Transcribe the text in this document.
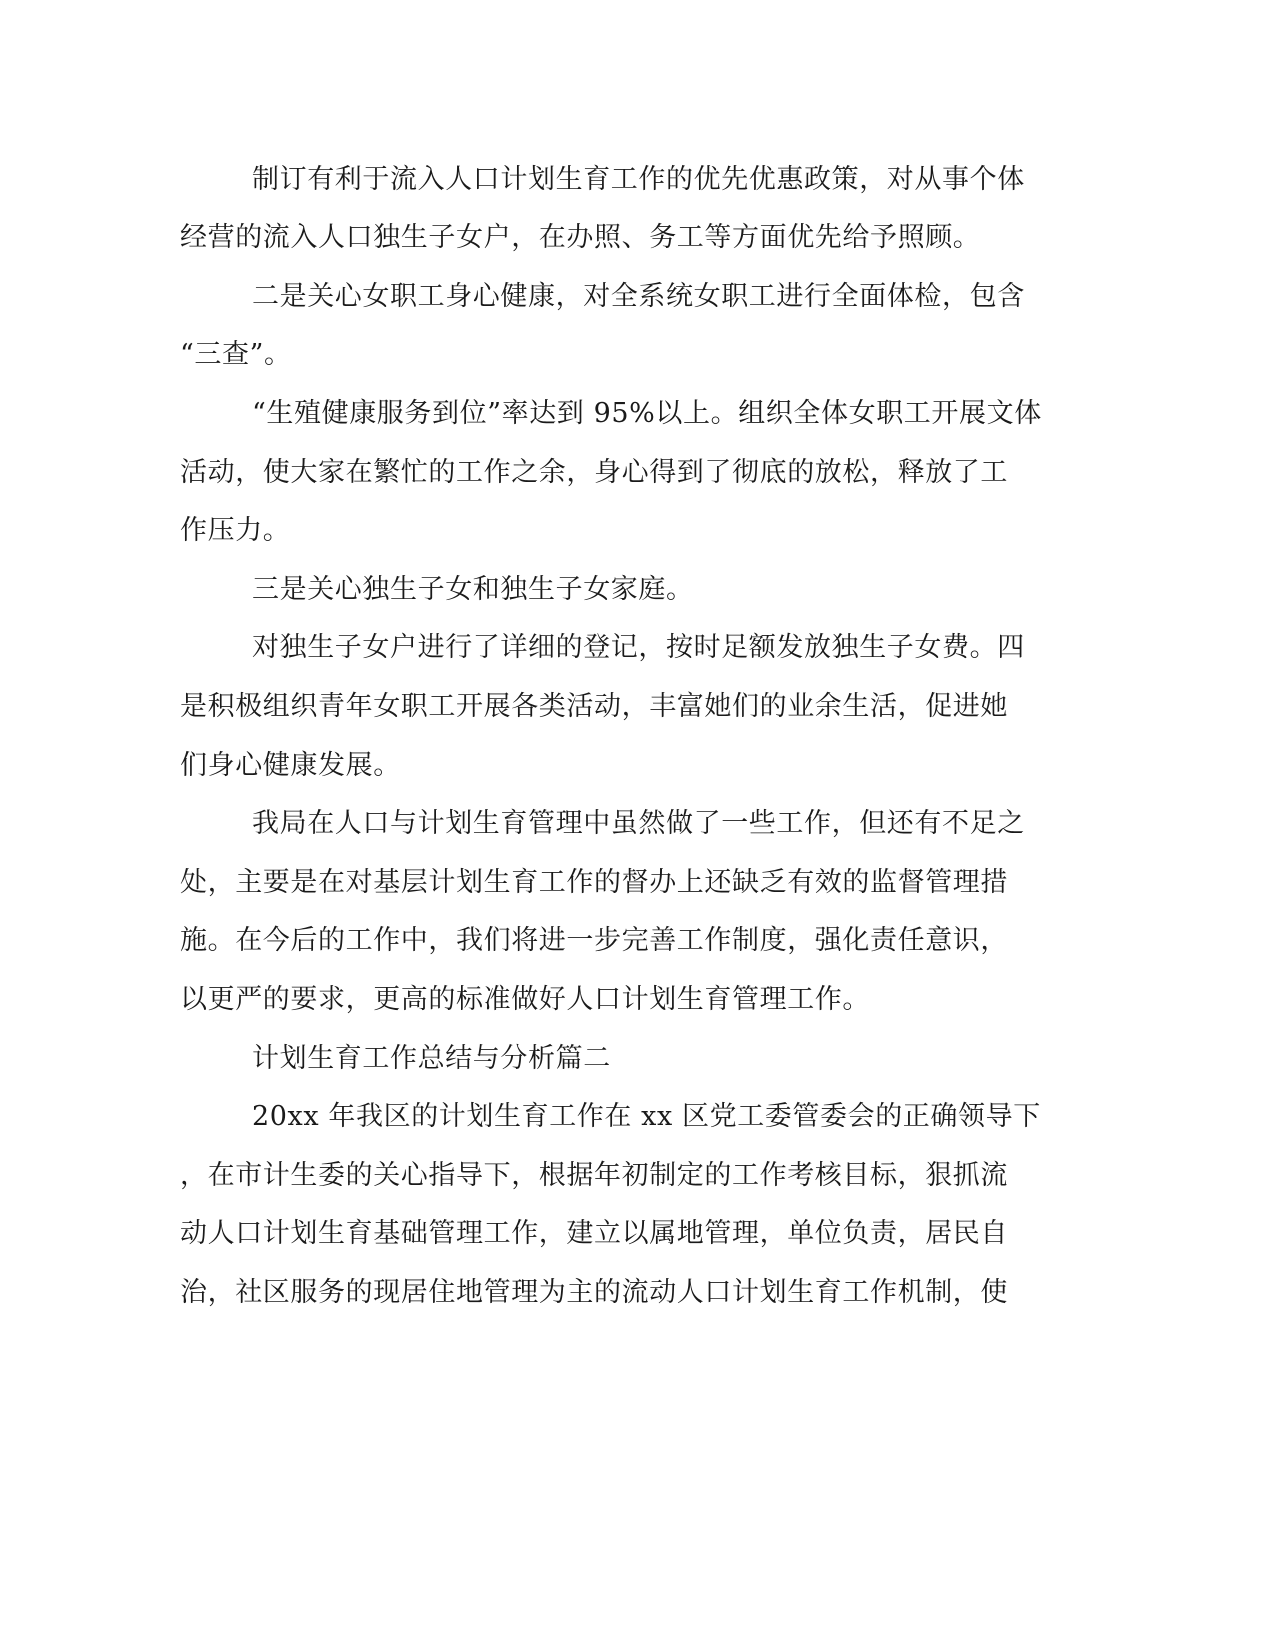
制订有利于流入人口计划生育工作的优先优惠政策，对从事个体
经营的流入人口独生子女户，在办照、务工等方面优先给予照顾。
二是关心女职工身心健康，对全系统女职工进行全面体检，包含
“三查”。
“生殖健康服务到位”率达到 95%以上。组织全体女职工开展文体
活动，使大家在繁忙的工作之余，身心得到了彻底的放松，释放了工
作压力。
三是关心独生子女和独生子女家庭。
对独生子女户进行了详细的登记，按时足额发放独生子女费。四
是积极组织青年女职工开展各类活动，丰富她们的业余生活，促进她
们身心健康发展。
我局在人口与计划生育管理中虽然做了一些工作，但还有不足之
处，主要是在对基层计划生育工作的督办上还缺乏有效的监督管理措
施。在今后的工作中，我们将进一步完善工作制度，强化责任意识，
以更严的要求，更高的标准做好人口计划生育管理工作。
计划生育工作总结与分析篇二
20xx 年我区的计划生育工作在 xx 区党工委管委会的正确领导下
，在市计生委的关心指导下，根据年初制定的工作考核目标，狠抓流
动人口计划生育基础管理工作，建立以属地管理，单位负责，居民自
治，社区服务的现居住地管理为主的流动人口计划生育工作机制，使
